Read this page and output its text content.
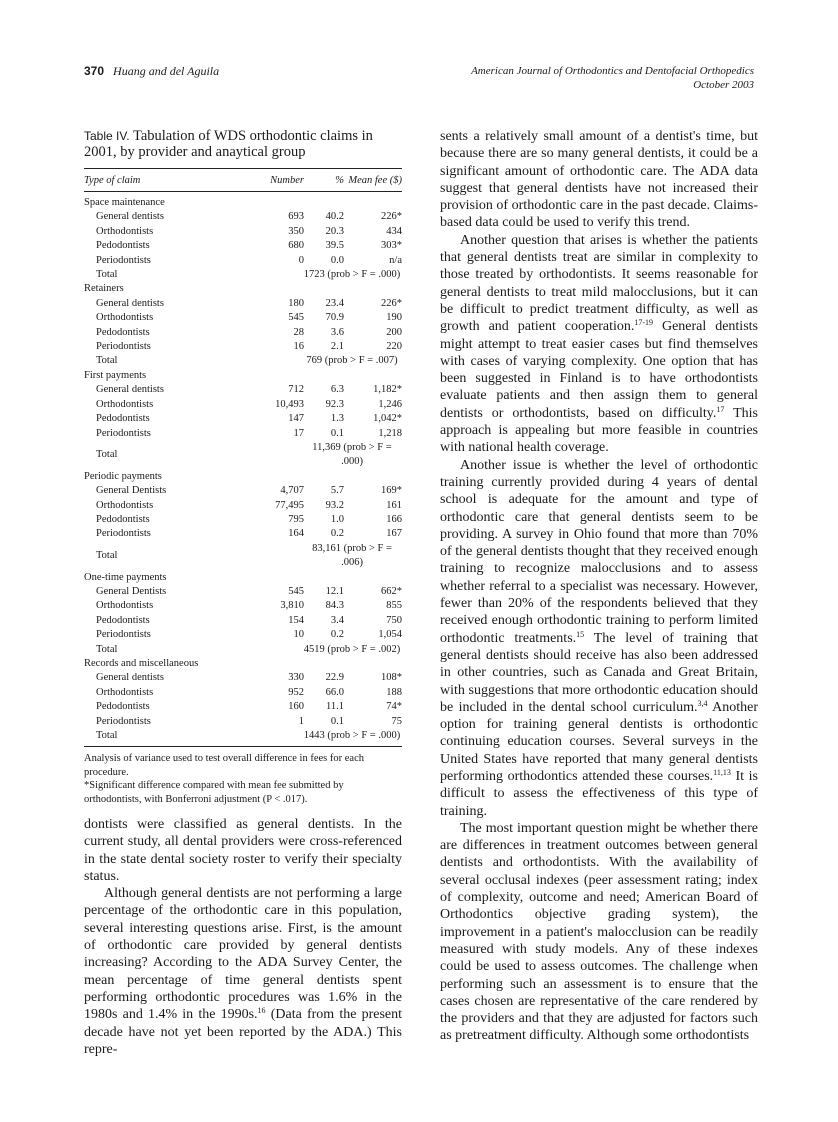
370 Huang and del Aguila	American Journal of Orthodontics and Dentofacial Orthopedics
October 2003
Table IV. Tabulation of WDS orthodontic claims in 2001, by provider and anaytical group
Type of claim	Number	%	Mean fee ($)
Space maintenance			
General dentists	693	40.2	226*
Orthodontists	350	20.3	434
Pedodontists	680	39.5	303*
Periodontists	0	0.0	n/a
Total	1723 (prob > F = .000)		
Retainers			
General dentists	180	23.4	226*
Orthodontists	545	70.9	190
Pedodontists	28	3.6	200
Periodontists	16	2.1	220
Total	769 (prob > F = .007)		
First payments			
General dentists	712	6.3	1,182*
Orthodontists	10,493	92.3	1,246
Pedodontists	147	1.3	1,042*
Periodontists	17	0.1	1,218
Total	11,369 (prob > F = .000)		
Periodic payments			
General Dentists	4,707	5.7	169*
Orthodontists	77,495	93.2	161
Pedodontists	795	1.0	166
Periodontists	164	0.2	167
Total	83,161 (prob > F = .006)		
One-time payments			
General Dentists	545	12.1	662*
Orthodontists	3,810	84.3	855
Pedodontists	154	3.4	750
Periodontists	10	0.2	1,054
Total	4519 (prob > F = .002)		
Records and miscellaneous			
General dentists	330	22.9	108*
Orthodontists	952	66.0	188
Pedodontists	160	11.1	74*
Periodontists	1	0.1	75
Total	1443 (prob > F = .000)		
Analysis of variance used to test overall difference in fees for each procedure.
*Significant difference compared with mean fee submitted by orthodontists, with Bonferroni adjustment (P < .017).

dontists were classified as general dentists. In the current study, all dental providers were cross-referenced in the state dental society roster to verify their specialty status.

Although general dentists are not performing a large percentage of the orthodontic care in this population, several interesting questions arise. First, is the amount of orthodontic care provided by general dentists increasing? According to the ADA Survey Center, the mean percentage of time general dentists spent performing orthodontic procedures was 1.6% in the 1980s and 1.4% in the 1990s.$^{16}$ (Data from the present decade have not yet been reported by the ADA.) This repre-

sents a relatively small amount of a dentist's time, but because there are so many general dentists, it could be a significant amount of orthodontic care. The ADA data suggest that general dentists have not increased their provision of orthodontic care in the past decade. Claims-based data could be used to verify this trend.

Another question that arises is whether the patients that general dentists treat are similar in complexity to those treated by orthodontists. It seems reasonable for general dentists to treat mild malocclusions, but it can be difficult to predict treatment difficulty, as well as growth and patient cooperation.$^{17-19}$ General dentists might attempt to treat easier cases but find themselves with cases of varying complexity. One option that has been suggested in Finland is to have orthodontists evaluate patients and then assign them to general dentists or orthodontists, based on difficulty.$^{17}$ This approach is appealing but more feasible in countries with national health coverage.

Another issue is whether the level of orthodontic training currently provided during 4 years of dental school is adequate for the amount and type of orthodontic care that general dentists seem to be providing. A survey in Ohio found that more than 70% of the general dentists thought that they received enough training to recognize malocclusions and to assess whether referral to a specialist was necessary. However, fewer than 20% of the respondents believed that they received enough orthodontic training to perform limited orthodontic treatments.$^{15}$ The level of training that general dentists should receive has also been addressed in other countries, such as Canada and Great Britain, with suggestions that more orthodontic education should be included in the dental school curriculum.$^{3,4}$ Another option for training general dentists is orthodontic continuing education courses. Several surveys in the United States have reported that many general dentists performing orthodontics attended these courses.$^{11,13}$ It is difficult to assess the effectiveness of this type of training.

The most important question might be whether there are differences in treatment outcomes between general dentists and orthodontists. With the availability of several occlusal indexes (peer assessment rating; index of complexity, outcome and need; American Board of Orthodontics objective grading system), the improvement in a patient's malocclusion can be readily measured with study models. Any of these indexes could be used to assess outcomes. The challenge when performing such an assessment is to ensure that the cases chosen are representative of the care rendered by the providers and that they are adjusted for factors such as pretreatment difficulty. Although some orthodontists
